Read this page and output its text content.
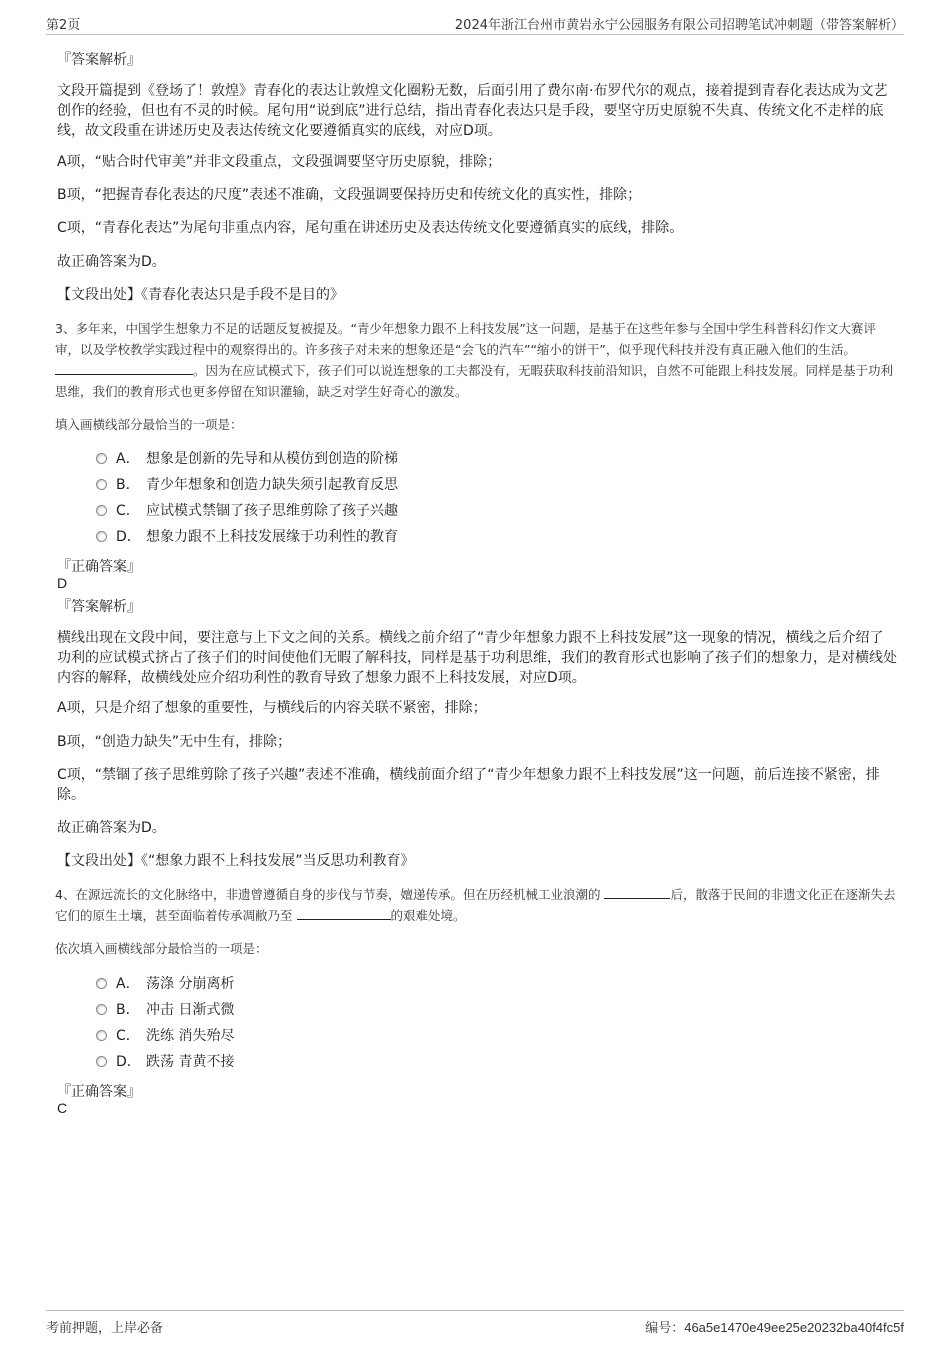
第2页	2024年浙江台州市黄岩永宁公园服务有限公司招聘笔试冲刺题（带答案解析）
『答案解析』
文段开篇提到《登场了！敦煌》青春化的表达让敦煌文化圈粉无数，后面引用了费尔南·布罗代尔的观点，接着提到青春化表达成为文艺创作的经验，但也有不灵的时候。尾句用“说到底”进行总结，指出青春化表达只是手段，要坚守历史原貌不失真、传统文化不走样的底线，故文段重在讲述历史及表达传统文化要遵循真实的底线，对应D项。
A项，“贴合时代审美”并非文段重点，文段强调要坚守历史原貌，排除；
B项，“把握青春化表达的尺度”表述不准确，文段强调要保持历史和传统文化的真实性，排除；
C项，“青春化表达”为尾句非重点内容，尾句重在讲述历史及表达传统文化要遵循真实的底线，排除。
故正确答案为D。
【文段出处】《青春化表达只是手段不是目的》
3、多年来，中国学生想象力不足的话题反复被提及。“青少年想象力跟不上科技发展”这一问题，是基于在这些年参与全国中学生科普科幻作文大赛评审，以及学校教学实践过程中的观察得出的。许多孩子对未来的想象还是“会飞的汽车”“缩小的饼干”，似乎现代科技并没有真正融入他们的生活。 。因为在应试模式下，孩子们可以说连想象的工夫都没有，无暇获取科技前沿知识，自然不可能跟上科技发展。同样是基于功利思维，我们的教育形式也更多停留在知识灌输，缺乏对学生好奇心的激发。
填入画横线部分最恰当的一项是：
A． 想象是创新的先导和从模仿到创造的阶梯
B． 青少年想象和创造力缺失须引起教育反思
C． 应试模式禁锢了孩子思维剪除了孩子兴趣
D． 想象力跟不上科技发展缘于功利性的教育
『正确答案』
D
『答案解析』
横线出现在文段中间，要注意与上下文之间的关系。横线之前介绍了“青少年想象力跟不上科技发展”这一现象的情况，横线之后介绍了功利的应试模式挤占了孩子们的时间使他们无暇了解科技，同样是基于功利思维，我们的教育形式也影响了孩子们的想象力，是对横线处内容的解释，故横线处应介绍功利性的教育导致了想象力跟不上科技发展，对应D项。
A项，只是介绍了想象的重要性，与横线后的内容关联不紧密，排除；
B项，“创造力缺失”无中生有，排除；
C项，“禁锢了孩子思维剪除了孩子兴趣”表述不准确，横线前面介绍了“青少年想象力跟不上科技发展”这一问题，前后连接不紧密，排除。
故正确答案为D。
【文段出处】《“想象力跟不上科技发展”当反思功利教育》
4、在源远流长的文化脉络中，非遗曾遵循自身的步伐与节奏，嬗递传承。但在历经机械工业浪潮的	后，散落于民间的非遗文化正在逐渐失去它们的原生土壤，甚至面临着传承凋敝乃至	的艰难处境。
依次填入画横线部分最恰当的一项是：
A． 荡涤 分崩离析
B． 冲击 日渐式微
C． 洗练 消失殆尽
D． 跌荡 青黄不接
『正确答案』
C
考前押题，上岸必备	编号：46a5e1470e49ee25e20232ba40f4fc5f
